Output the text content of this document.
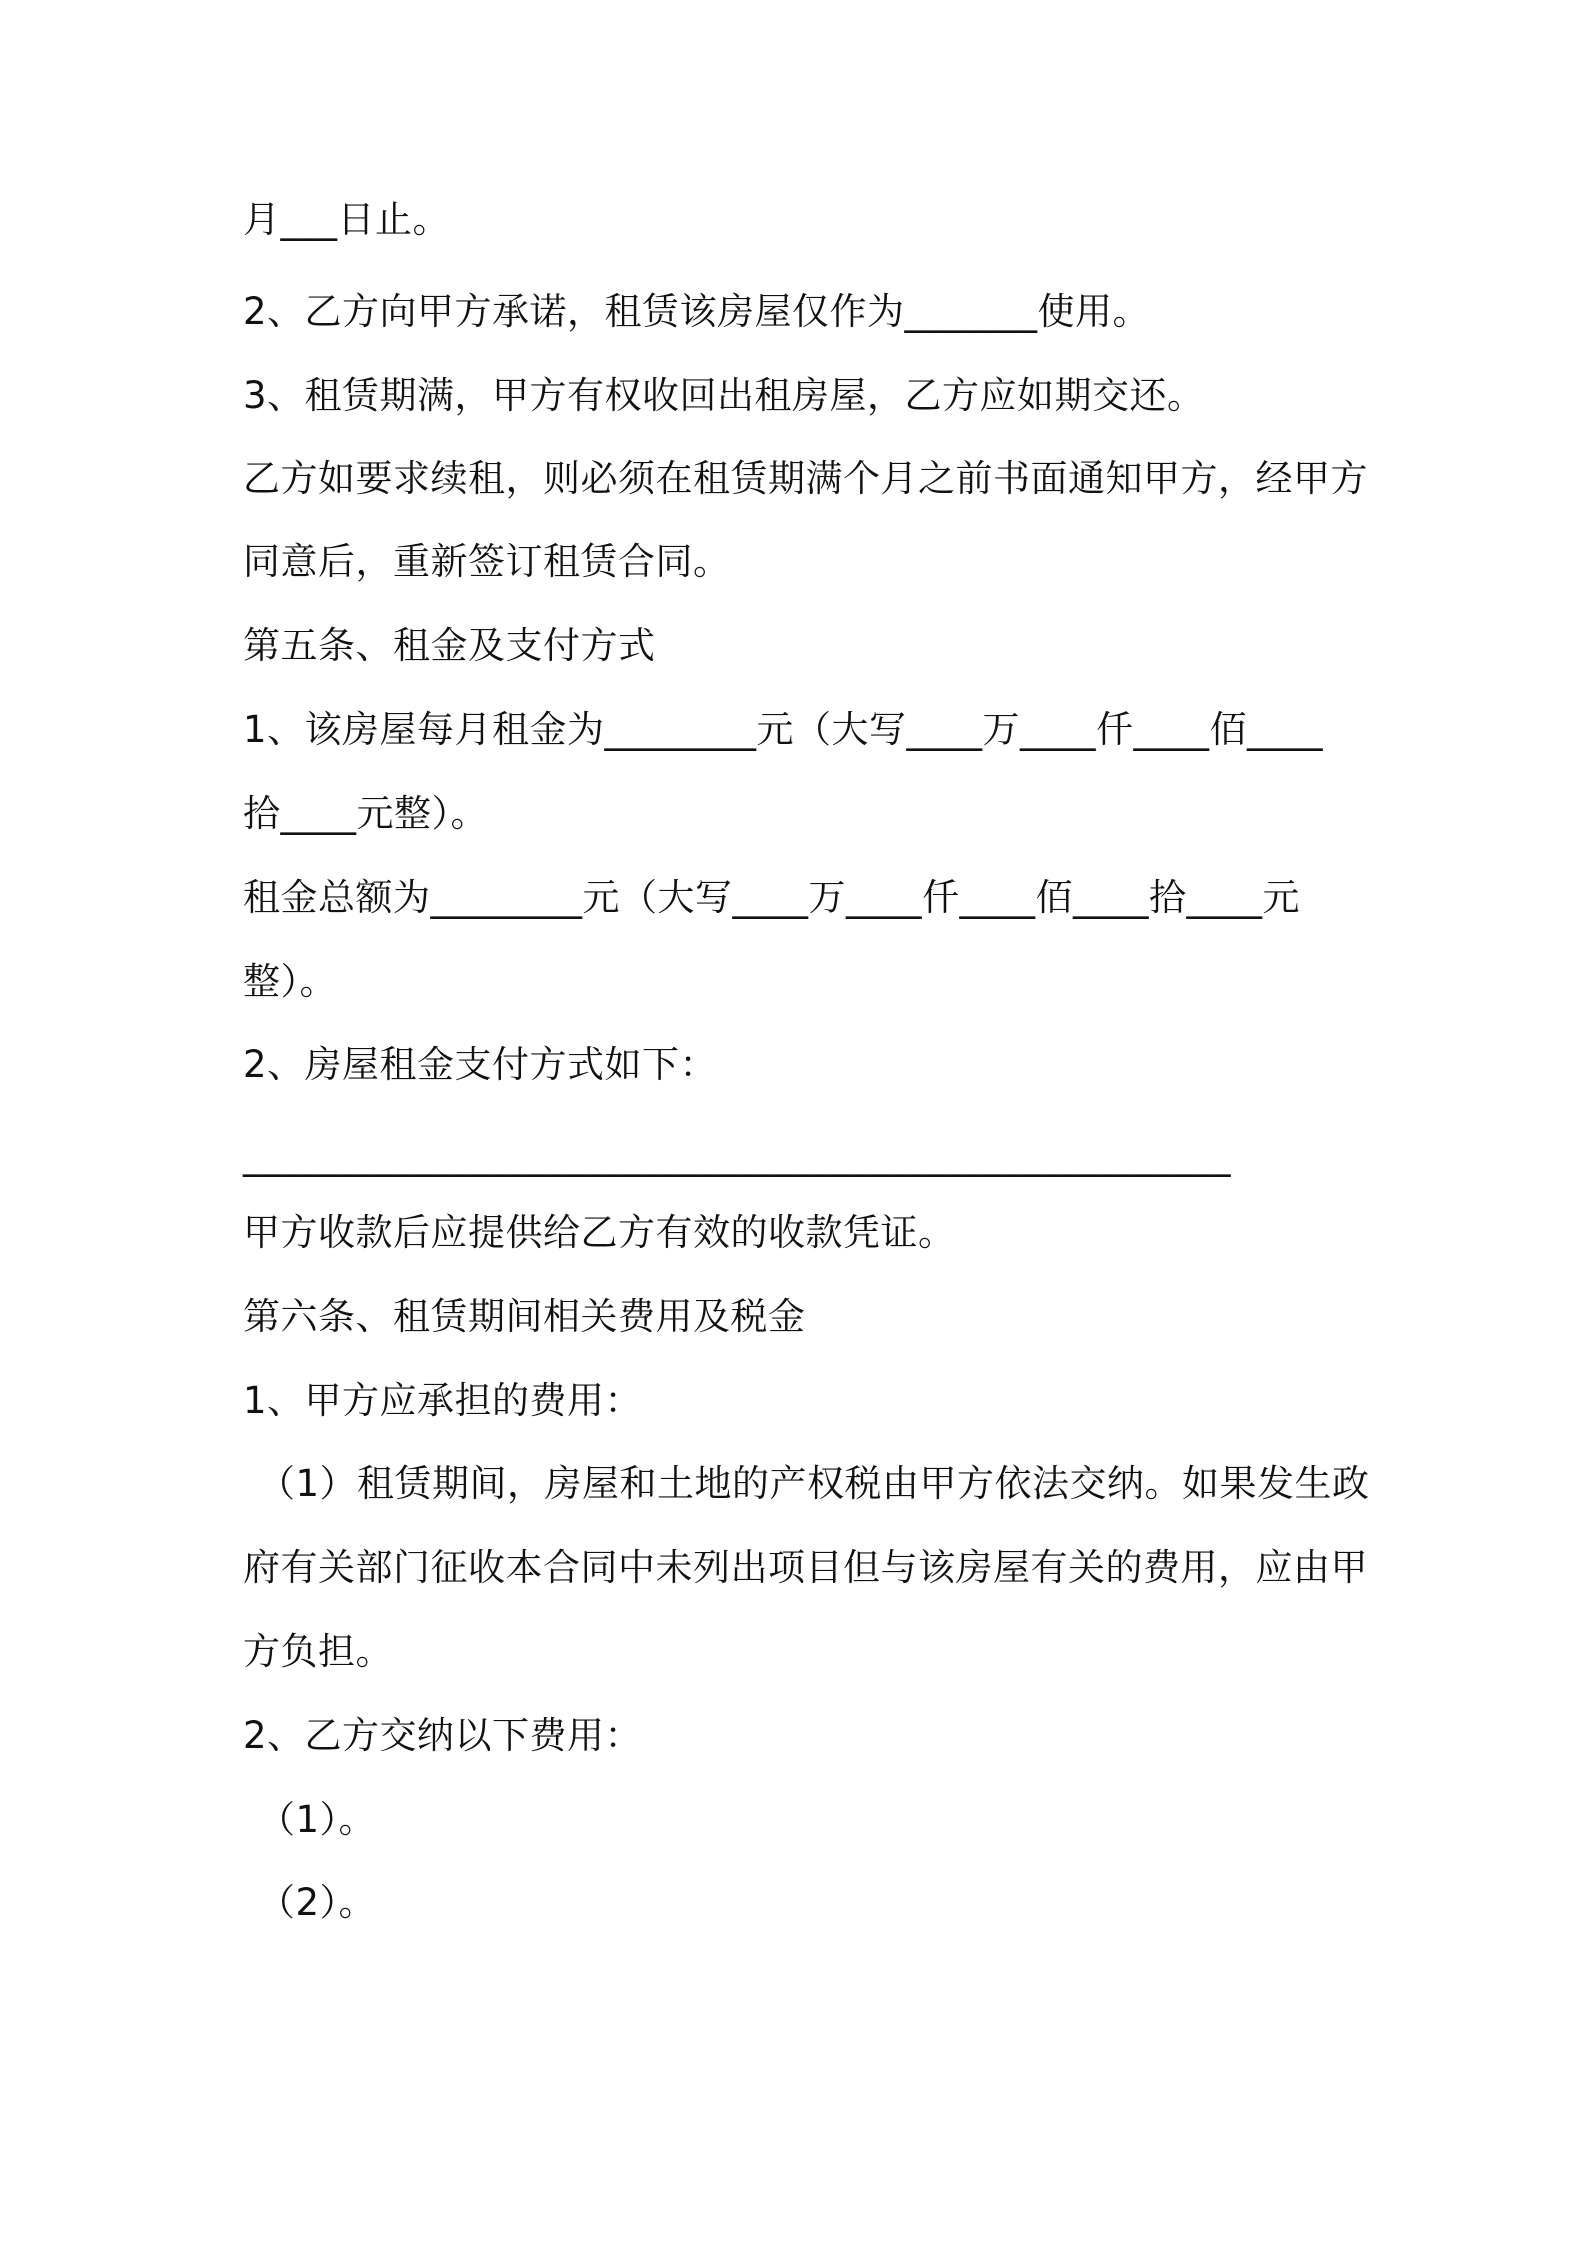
月___日止。
2、乙方向甲方承诺，租赁该房屋仅作为_______使用。
3、租赁期满，甲方有权收回出租房屋，乙方应如期交还。
乙方如要求续租，则必须在租赁期满个月之前书面通知甲方，经甲方
同意后，重新签订租赁合同。
第五条、租金及支付方式
1、该房屋每月租金为________元（大写____万____仟____佰____
拾____元整）。
租金总额为________元（大写____万____仟____佰____拾____元
整）。
2、房屋租金支付方式如下：
____________________________________________________
甲方收款后应提供给乙方有效的收款凭证。
第六条、租赁期间相关费用及税金
1、甲方应承担的费用：
（1）租赁期间，房屋和土地的产权税由甲方依法交纳。如果发生政
府有关部门征收本合同中未列出项目但与该房屋有关的费用，应由甲
方负担。
2、乙方交纳以下费用：
（1）。
（2）。
